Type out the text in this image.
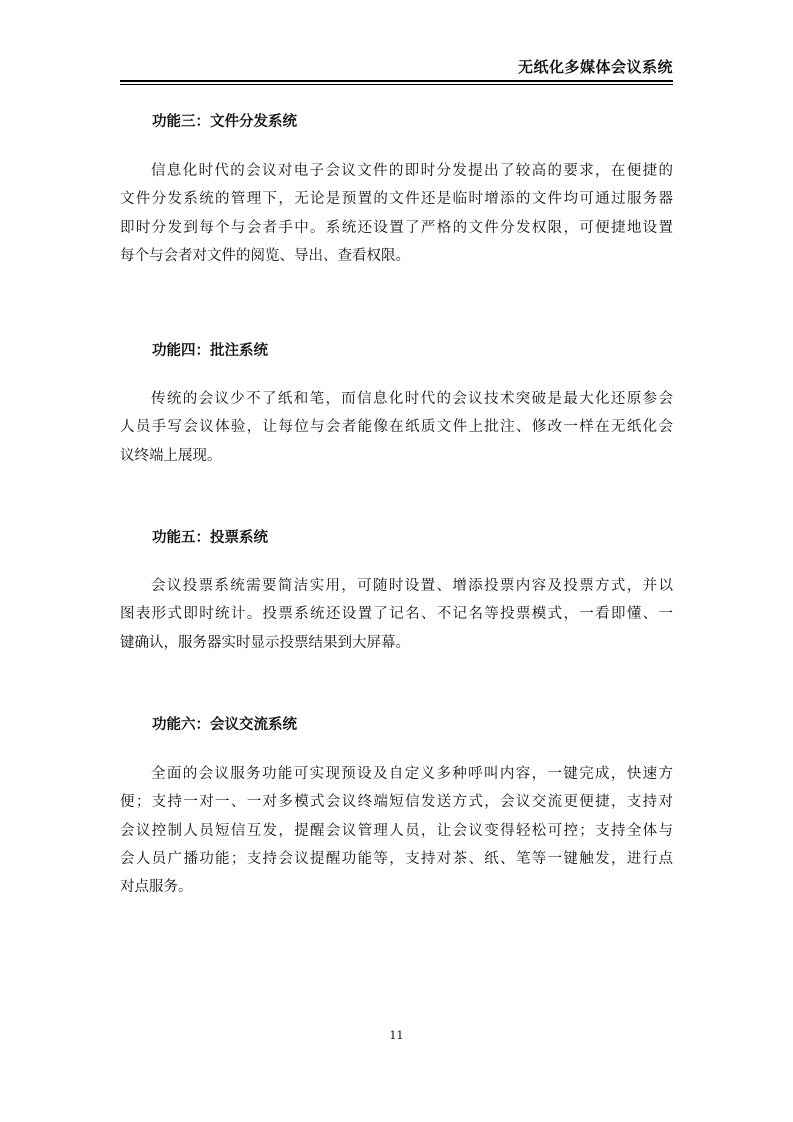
无纸化多媒体会议系统
功能三：文件分发系统
信息化时代的会议对电子会议文件的即时分发提出了较高的要求，在便捷的
文件分发系统的管理下，无论是预置的文件还是临时增添的文件均可通过服务器
即时分发到每个与会者手中。系统还设置了严格的文件分发权限，可便捷地设置
每个与会者对文件的阅览、导出、查看权限。
功能四：批注系统
传统的会议少不了纸和笔，而信息化时代的会议技术突破是最大化还原参会
人员手写会议体验，让每位与会者能像在纸质文件上批注、修改一样在无纸化会
议终端上展现。
功能五：投票系统
会议投票系统需要简洁实用，可随时设置、增添投票内容及投票方式，并以
图表形式即时统计。投票系统还设置了记名、不记名等投票模式，一看即懂、一
键确认，服务器实时显示投票结果到大屏幕。
功能六：会议交流系统
全面的会议服务功能可实现预设及自定义多种呼叫内容，一键完成，快速方
便；支持一对一、一对多模式会议终端短信发送方式，会议交流更便捷，支持对
会议控制人员短信互发，提醒会议管理人员，让会议变得轻松可控；支持全体与
会人员广播功能；支持会议提醒功能等，支持对茶、纸、笔等一键触发，进行点
对点服务。
11
